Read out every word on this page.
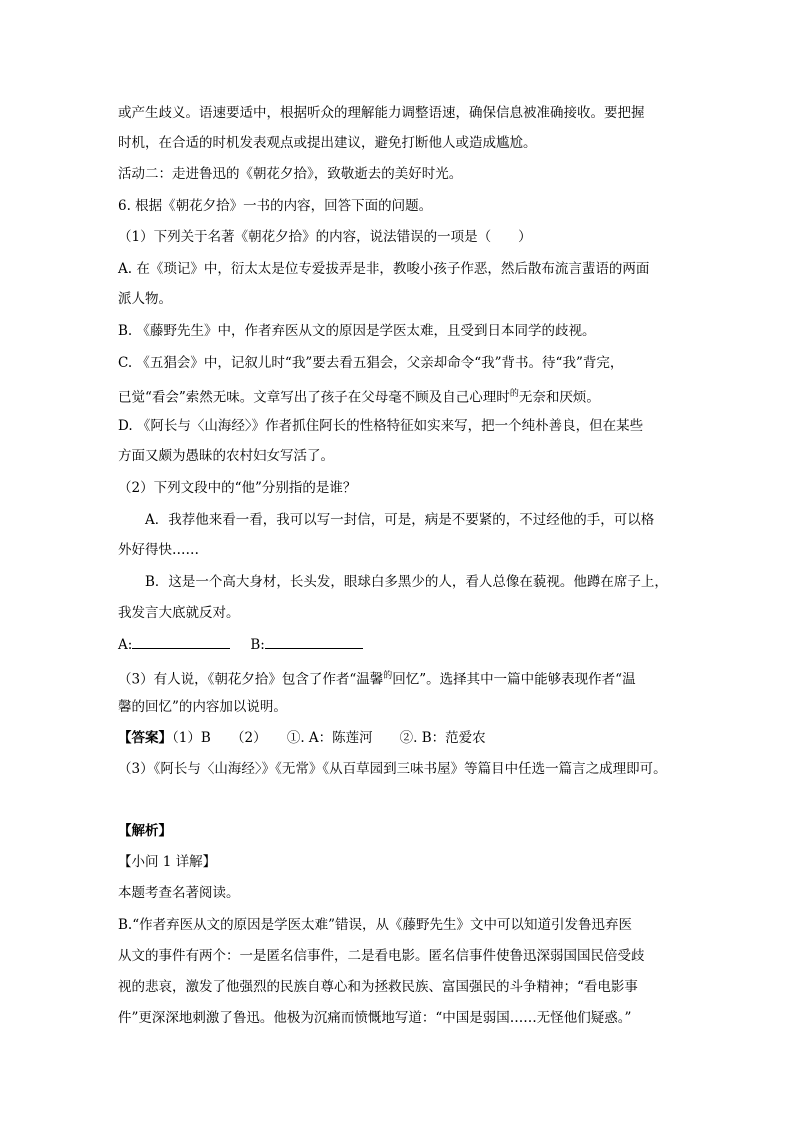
或产生歧义。语速要适中，根据听众的理解能力调整语速，确保信息被准确接收。要把握
时机，在合适的时机发表观点或提出建议，避免打断他人或造成尴尬。
活动二：走进鲁迅的《朝花夕拾》，致敬逝去的美好时光。
6. 根据《朝花夕拾》一书的内容，回答下面的问题。
（1）下列关于名著《朝花夕拾》的内容，说法错误的一项是（　　）
A. 在《琐记》中，衍太太是位专爱拔弄是非，教唆小孩子作恶，然后散布流言蜚语的两面
派人物。
B. 《藤野先生》中，作者弃医从文的原因是学医太难，且受到日本同学的歧视。
C. 《五猖会》中，记叙儿时“我”要去看五猖会，父亲却命令“我”背书。待“我”背完，
已觉“看会”索然无味。文章写出了孩子在父母毫不顾及自己心理时$^的$无奈和厌烦。
D. 《阿长与〈山海经〉》作者抓住阿长的性格特征如实来写，把一个纯朴善良，但在某些
方面又颇为愚昧的农村妇女写活了。
（2）下列文段中的“他”分别指的是谁？
A．我荐他来看一看，我可以写一封信，可是，病是不要紧的，不过经他的手，可以格
外好得快……
B．这是一个高大身材，长头发，眼球白多黑少的人，看人总像在藐视。他蹲在席子上，
我发言大底就反对。
A:	B:
（3）有人说，《朝花夕拾》包含了作者“温馨$^的$回忆”。选择其中一篇中能够表现作者“温
馨的回忆”的内容加以说明。
【答案】（1）B　　（2）　　①. A：陈莲河　　②. B：范爱农
（3）《阿长与〈山海经〉》《无常》《从百草园到三味书屋》等篇目中任选一篇言之成理即可。
【解析】
【小问 1 详解】
本题考查名著阅读。
B.“作者弃医从文的原因是学医太难”错误，从《藤野先生》文中可以知道引发鲁迅弃医
从文的事件有两个：一是匿名信事件，二是看电影。匿名信事件使鲁迅深弱国国民倍受歧
视的悲哀，激发了他强烈的民族自尊心和为拯救民族、富国强民的斗争精神；“看电影事
件”更深深地刺激了鲁迅。他极为沉痛而愤慨地写道：“中国是弱国……无怪他们疑惑。”
